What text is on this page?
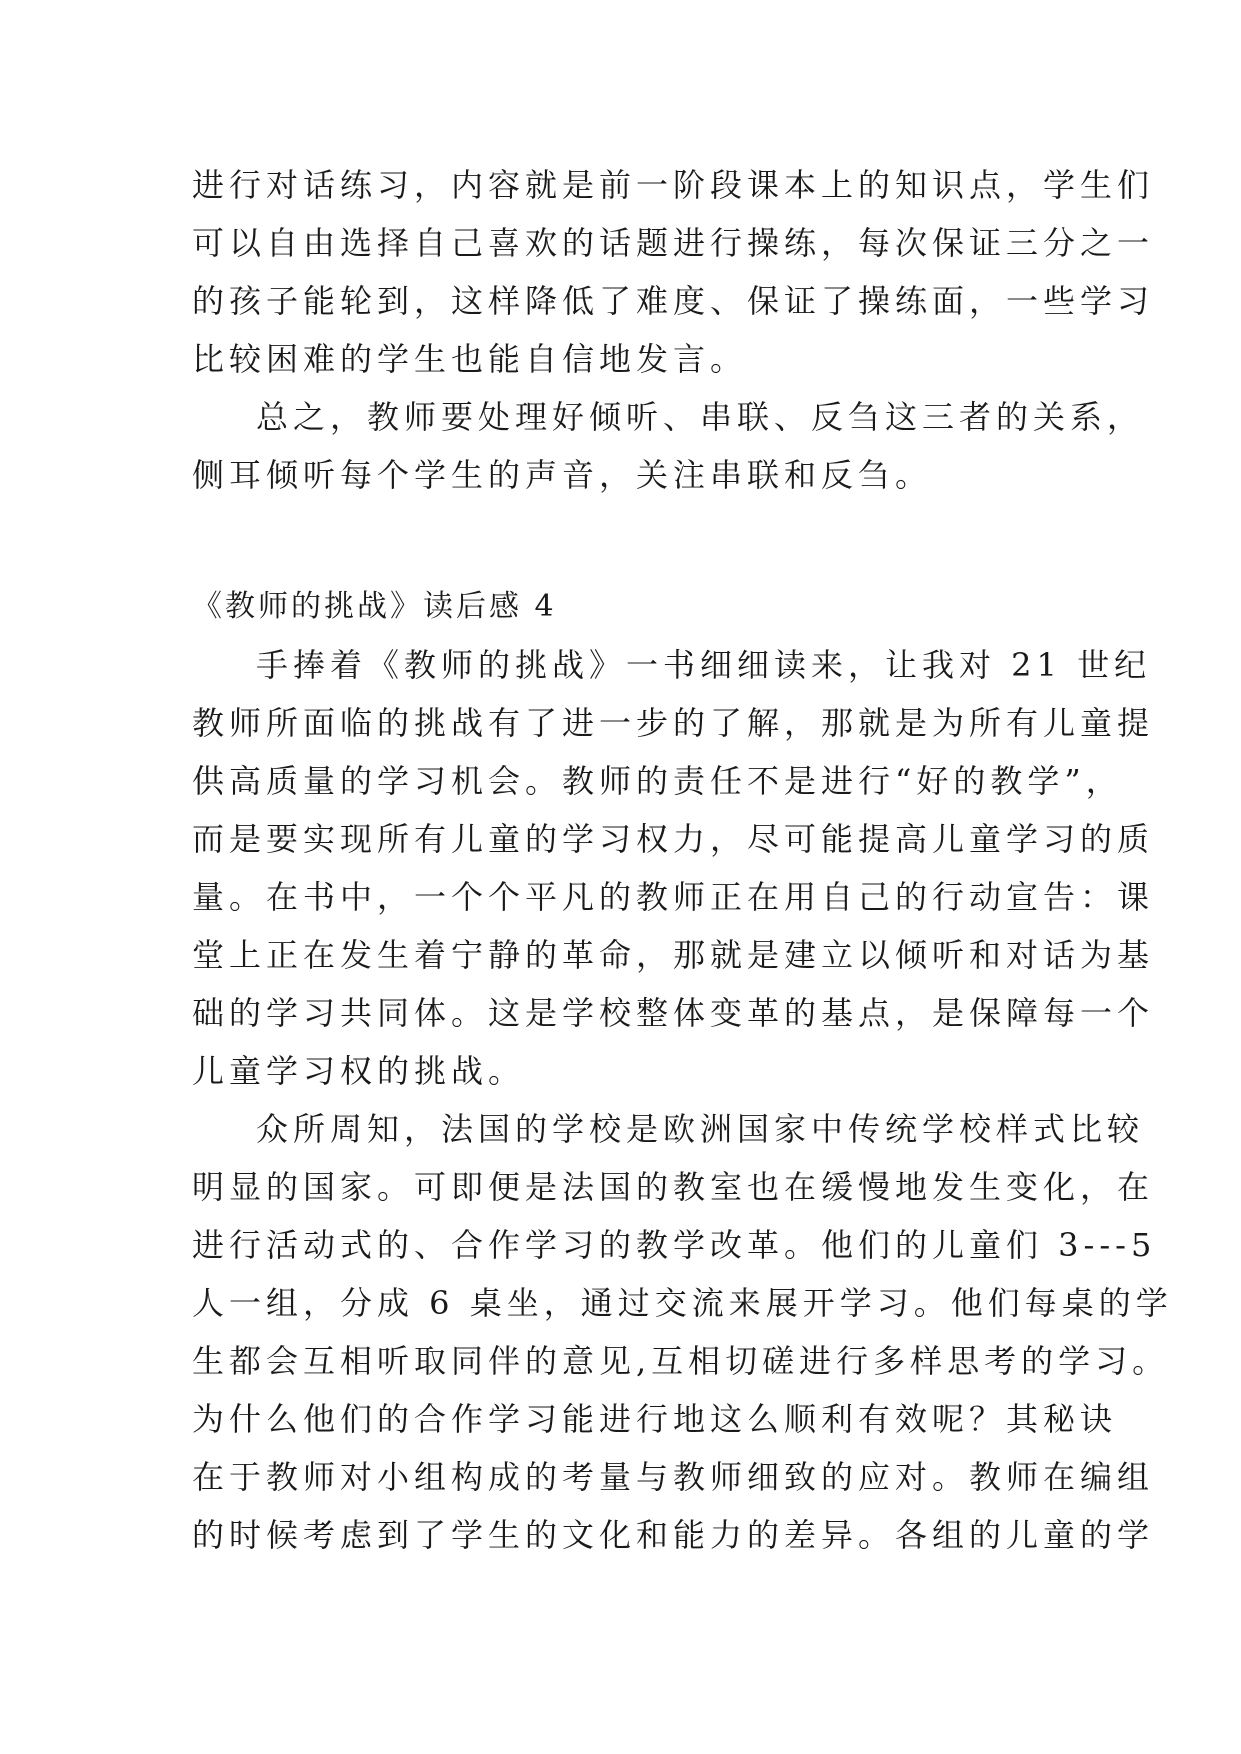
进行对话练习，内容就是前一阶段课本上的知识点，学生们
可以自由选择自己喜欢的话题进行操练，每次保证三分之一
的孩子能轮到，这样降低了难度、保证了操练面，一些学习
比较困难的学生也能自信地发言。
总之，教师要处理好倾听、串联、反刍这三者的关系，
侧耳倾听每个学生的声音，关注串联和反刍。
《教师的挑战》读后感 4
手捧着《教师的挑战》一书细细读来，让我对 21 世纪
教师所面临的挑战有了进一步的了解，那就是为所有儿童提
供高质量的学习机会。教师的责任不是进行“好的教学”，
而是要实现所有儿童的学习权力，尽可能提高儿童学习的质
量。在书中，一个个平凡的教师正在用自己的行动宣告：课
堂上正在发生着宁静的革命，那就是建立以倾听和对话为基
础的学习共同体。这是学校整体变革的基点，是保障每一个
儿童学习权的挑战。
众所周知，法国的学校是欧洲国家中传统学校样式比较
明显的国家。可即便是法国的教室也在缓慢地发生变化，在
进行活动式的、合作学习的教学改革。他们的儿童们 3---5
人一组，分成 6 桌坐，通过交流来展开学习。他们每桌的学
生都会互相听取同伴的意见,互相切磋进行多样思考的学习。
为什么他们的合作学习能进行地这么顺利有效呢？其秘诀
在于教师对小组构成的考量与教师细致的应对。教师在编组
的时候考虑到了学生的文化和能力的差异。各组的儿童的学
